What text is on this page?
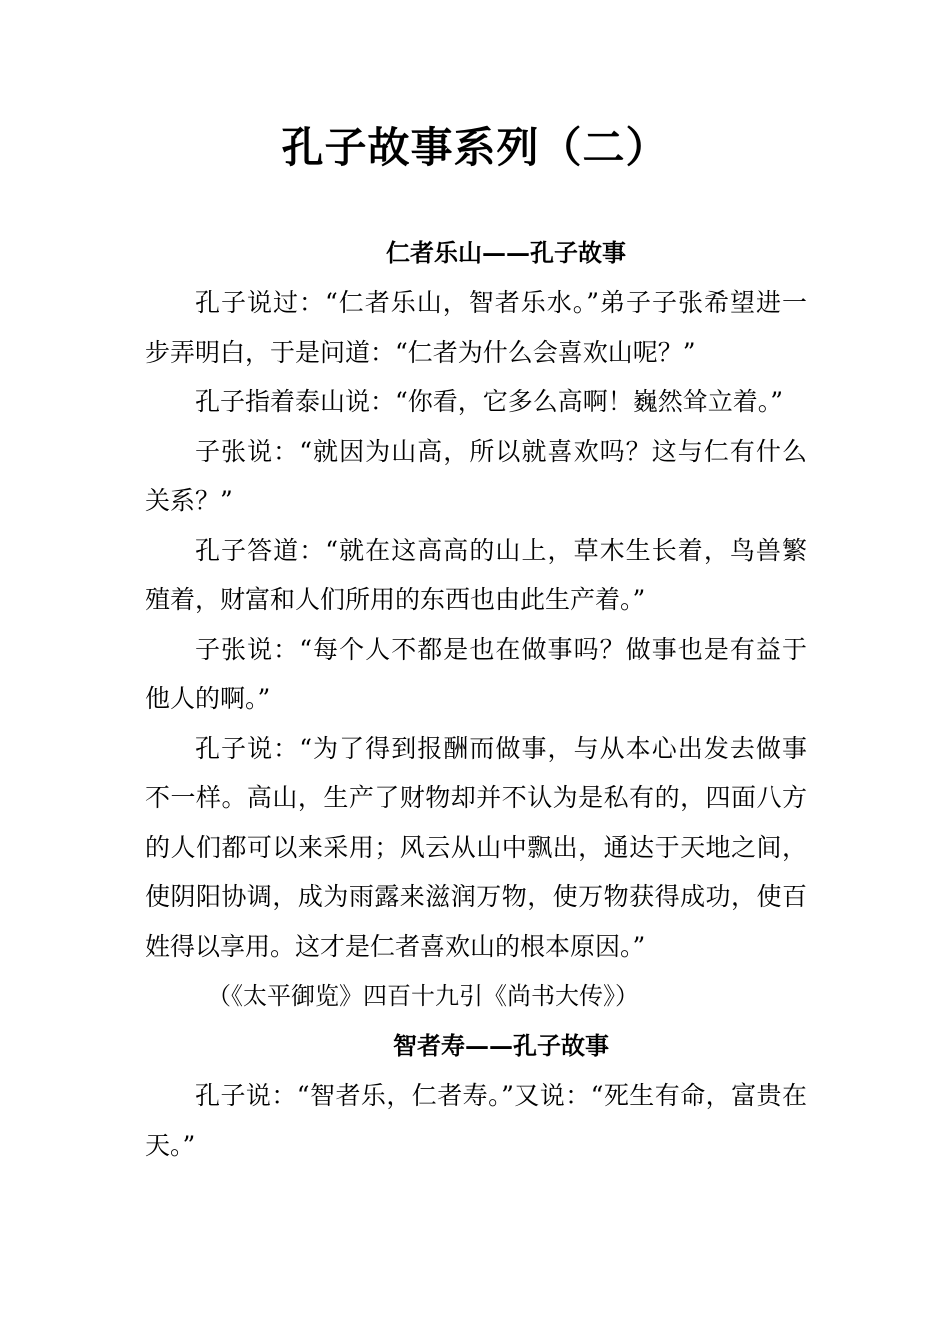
孔子故事系列（二）
仁者乐山——孔子故事

孔子说过：“仁者乐山，智者乐水。”弟子子张希望进一步弄明白，于是问道：“仁者为什么会喜欢山呢？”

孔子指着泰山说：“你看，它多么高啊！巍然耸立着。”

子张说：“就因为山高，所以就喜欢吗？这与仁有什么关系？”

孔子答道：“就在这高高的山上，草木生长着，鸟兽繁殖着，财富和人们所用的东西也由此生产着。”

子张说：“每个人不都是也在做事吗？做事也是有益于他人的啊。”

孔子说：“为了得到报酬而做事，与从本心出发去做事不一样。高山，生产了财物却并不认为是私有的，四面八方的人们都可以来采用；风云从山中飘出，通达于天地之间，使阴阳协调，成为雨露来滋润万物，使万物获得成功，使百姓得以享用。这才是仁者喜欢山的根本原因。”

（《太平御览》四百十九引《尚书大传》）

智者寿——孔子故事

孔子说：“智者乐，仁者寿。”又说：“死生有命，富贵在天。”
